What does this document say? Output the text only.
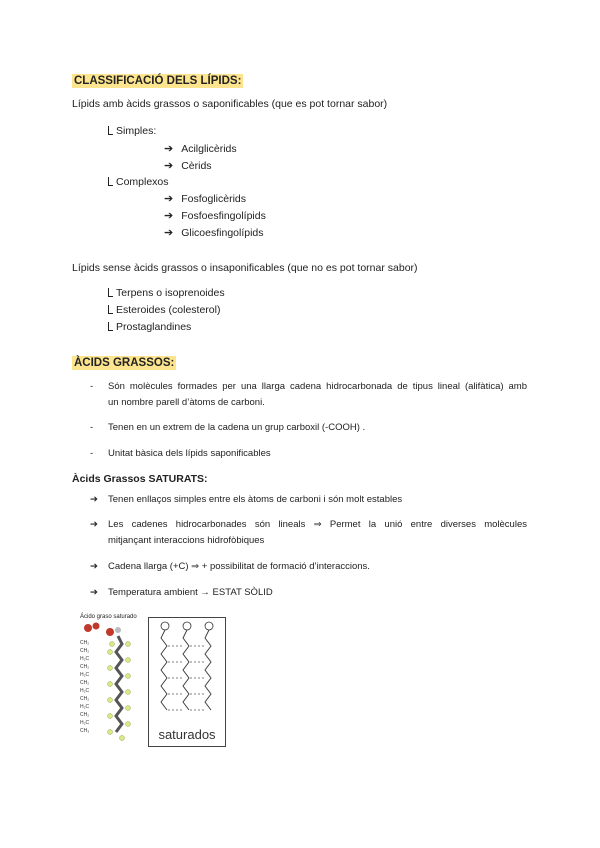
CLASSIFICACIÓ DELS LÍPIDS:
Lípids amb àcids grassos o saponificables (que es pot tornar sabor)
Simples:
➔ Acilglicèrids
➔ Cèrids
Complexos
➔ Fosfoglicèrids
➔ Fosfoesfingolípids
➔ Glicoesfingolípids
Lípids sense àcids grassos o insaponificables (que no es pot tornar sabor)
Terpens o isoprenoides
Esteroides (colesterol)
Prostaglandines
ÀCIDS GRASSOS:
- Són molècules formades per una llarga cadena hidrocarbonada de tipus lineal (alifàtica) amb
un nombre parell d’àtoms de carboni.
- Tenen en un extrem de la cadena un grup carboxil (-COOH) .
- Unitat bàsica dels lípids saponificables
Àcids Grassos SATURATS:
➔ Tenen enllaços simples entre els àtoms de carboni i són molt estables
➔ Les cadenes hidrocarbonades són lineals ⇒ Permet la unió entre diverses molècules
mitjançant interaccions hidrofòbiques
➔ Cadena llarga (+C) ⇒ + possibilitat de formació d’interaccions.
➔ Temperatura ambient → ESTAT SÒLID
Ácido graso saturado
CH₂
CH₂
H₂C
CH₂
H₂C
CH₂
H₂C
CH₂
H₂C
CH₂
H₂C
CH₃	saturados
